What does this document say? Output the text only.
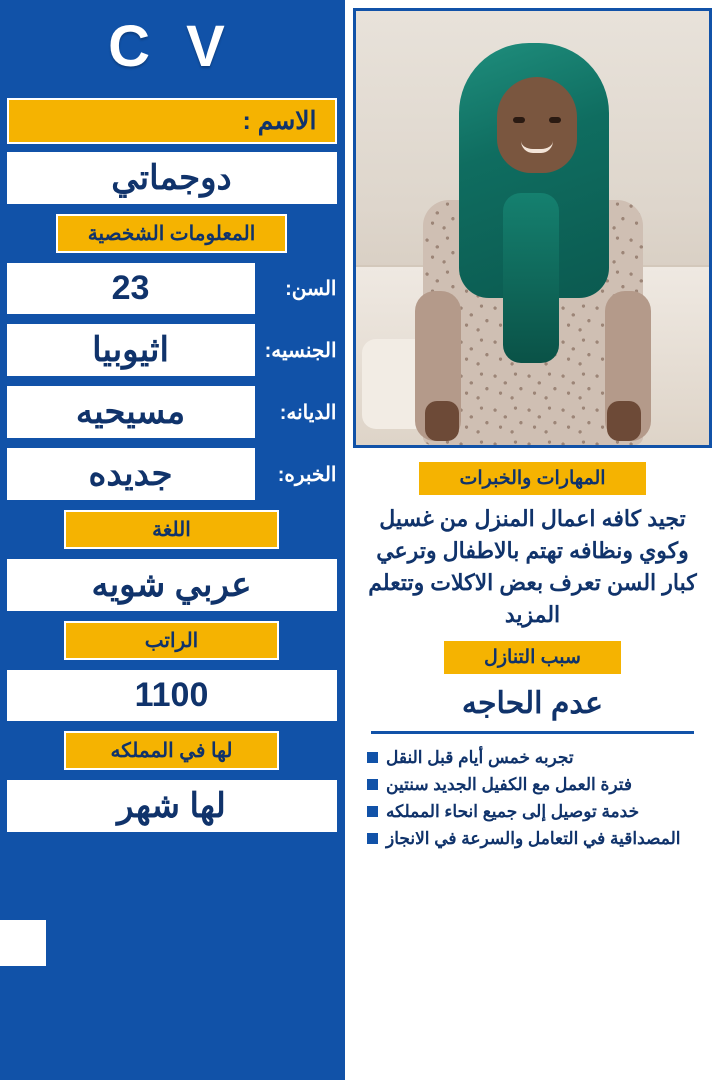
C V
الاسم :
دوجماتي
المعلومات الشخصية
السن:
23
الجنسيه:
اثيوبيا
الديانه:
مسيحيه
الخبره:
جديده
اللغة
عربي شويه
الراتب
1100
لها في المملكه
لها شهر
المهارات والخبرات
تجيد كافه اعمال المنزل من غسيل وكوي ونظافه تهتم بالاطفال وترعي كبار السن تعرف بعض الاكلات وتتعلم المزيد
سبب التنازل
عدم الحاجه
تجربه خمس أيام قبل النقل
فترة العمل مع الكفيل الجديد سنتين
خدمة توصيل إلى جميع انحاء المملكه
المصداقية في التعامل والسرعة في الانجاز
